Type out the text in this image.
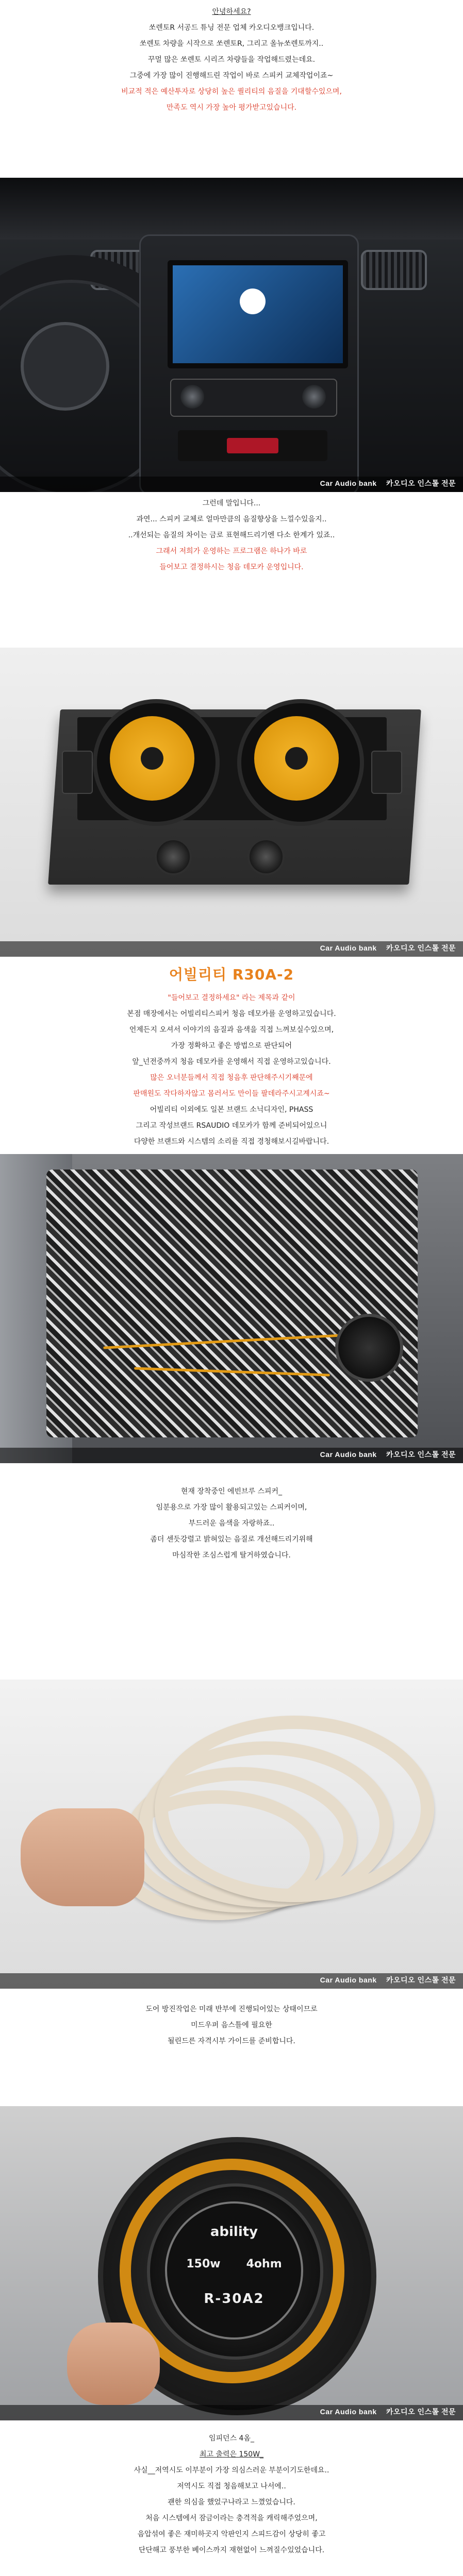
안녕하세요?

쏘렌토R 서공드 튜닝 전문 업체 카오디오뱅크입니다.

쏘렌토 차량을 시작으로 쏘렌토R, 그리고 올뉴쏘렌토까지..

꾸멀 많은 쏘렌토 시리즈 차량들을 작업해드렸는데요.

그중에 가장 많이 진행해드린 작업이 바로 스피커 교체작업이죠~

비교적 적은 예산투자로 상당히 높은 퀄리티의 음질을 기대할수있으며,

만족도 역시 가장 높아 평가받고있습니다.

Car Audio bank 카오디오 인스톨 전문

그런데 말입니다...

과연... 스피커 교체로 얼마만큼의 음질향상을 느낄수있을지..

..개선되는 음질의 차이는 금로 표현해드리기엔 다소 한계가 있죠..

그래서 저희가 운영하는 프로그램은 하나가 바로

들어보고 결정하시는 청음 데모카 운영입니다.

Car Audio bank 카오디오 인스톨 전문
어빌리티 R30A-2

"들어보고 결정하세요" 라는 제목과 같이

본점 매장에서는 어빌리티스피커 청음 데모카를 운영하고있습니다.

언제든지 오셔서 이야기의 음질과 음색을 직접 느껴보실수있으며,

가장 정확하고 좋은 방법으로 판단되어

앞_넌전중까지 청음 데모카를 운영해서 직접 운영하고있습니다.

많은 오너분들께서 직접 청음후 판단해주시기째문에

판매원도 작다하자않고 몸러서도 만이들 팔데라주시고계시죠~

어빌리티 이외에도 일본 브랜드 소닉디자인, PHASS

그리고 작성브랜드 RSAUDIO 데모카가 함께 준비되어있으니

다양한 브랜드와 시스템의 소리를 직접 경청해보시길바랍니다.

Car Audio bank 카오디오 인스톨 전문

현재 장착중인 에빈브루 스피커_

임분용으로 가장 많이 활용되고있는 스피커이며,

부드러운 음색을 자랑하죠..

좀더 센듯강렬고 밝혀있는 음질로 개선해드리기위해

마심작한 조심스럽게 탈거하였습니다.

Car Audio bank 카오디오 인스톨 전문

도어 방진작업은 미래 반부에 진행되어있는 상태이므로

미드우퍼 음스틀에 필요한

될린드른 자격시부 가이드를 준비합니다.

ability
150w 4ohm
R-30A2
Car Audio bank 카오디오 인스톨 전문

임피던스 4옴_

최고 출력은 150W_

사실__저역시도 이부분이 가장 의심스러운 부분이기도한데요..

저역시도 직접 청음해보고 나서에..

괜한 의심을 했었구나라고 느꼈었습니다.

처음 시스템에서 잠금이라는 충격적을 캐릭해주었으며,

음압섞여 좋은 재미하곳지 악판인지 스피드감이 상당히 좋고

단단해고 풍부한 베이스까지 재현없이 느껴질수있었습니다.
